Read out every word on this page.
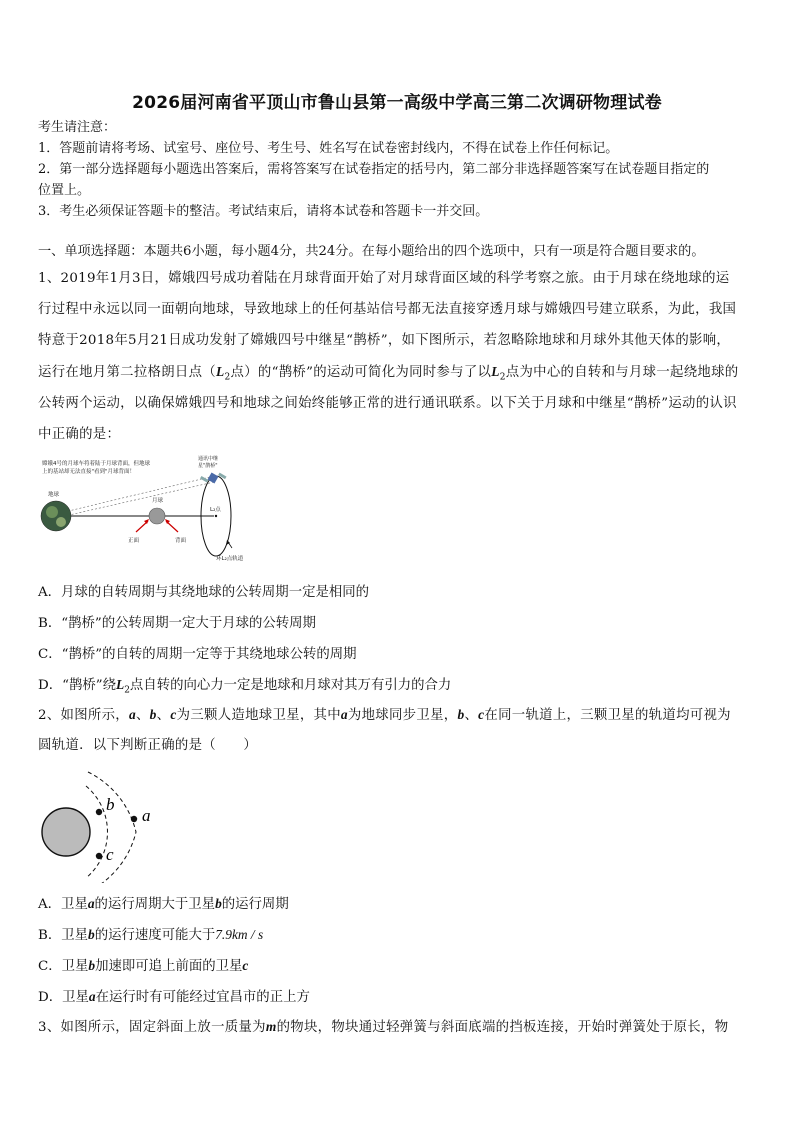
2026届河南省平顶山市鲁山县第一高级中学高三第二次调研物理试卷
考生请注意：
1．答题前请将考场、试室号、座位号、考生号、姓名写在试卷密封线内，不得在试卷上作任何标记。
2．第一部分选择题每小题选出答案后，需将答案写在试卷指定的括号内，第二部分非选择题答案写在试卷题目指定的
位置上。
3．考生必须保证答题卡的整洁。考试结束后，请将本试卷和答题卡一并交回。
一、单项选择题：本题共6小题，每小题4分，共24分。在每小题给出的四个选项中，只有一项是符合题目要求的。
1、2019年1月3日，嫦娥四号成功着陆在月球背面开始了对月球背面区域的科学考察之旅。由于月球在绕地球的运
行过程中永远以同一面朝向地球，导致地球上的任何基站信号都无法直接穿透月球与嫦娥四号建立联系，为此，我国
特意于2018年5月21日成功发射了嫦娥四号中继星“鹊桥”，如下图所示，若忽略除地球和月球外其他天体的影响，
运行在地月第二拉格朗日点（$L_2$点）的“鹊桥”的运动可简化为同时参与了以$L_2$点为中心的自转和与月球一起绕地球的
公转两个运动，以确保嫦娥四号和地球之间始终能够正常的进行通讯联系。以下关于月球和中继星“鹊桥”运动的认识
中正确的是：
嫦娥4号的月球车将着陆于月球背面，但地球
上的基站却无法直接"看到"月球背面！
通讯中继
星"鹊桥"
地球
月球
正面	背面
L₂点
环L₂点轨道
A．月球的自转周期与其绕地球的公转周期一定是相同的
B．“鹊桥”的公转周期一定大于月球的公转周期
C．“鹊桥”的自转的周期一定等于其绕地球公转的周期
D．“鹊桥”绕$L_2$点自转的向心力一定是地球和月球对其万有引力的合力
2、如图所示，a、b、c为三颗人造地球卫星，其中a为地球同步卫星，b、c在同一轨道上，三颗卫星的轨道均可视为
圆轨道．以下判断正确的是（　　）
b
c
a
A．卫星a的运行周期大于卫星b的运行周期
B．卫星b的运行速度可能大于7.9km / s
C．卫星b加速即可追上前面的卫星c
D．卫星a在运行时有可能经过宜昌市的正上方
3、如图所示，固定斜面上放一质量为m的物块，物块通过轻弹簧与斜面底端的挡板连接，开始时弹簧处于原长，物
